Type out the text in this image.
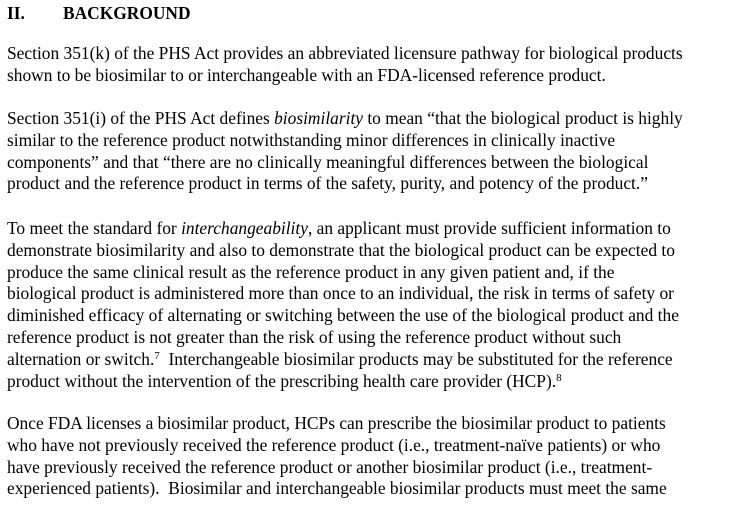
II. BACKGROUND
Section 351(k) of the PHS Act provides an abbreviated licensure pathway for biological products
shown to be biosimilar to or interchangeable with an FDA-licensed reference product.
Section 351(i) of the PHS Act defines biosimilarity to mean “that the biological product is highly
similar to the reference product notwithstanding minor differences in clinically inactive
components” and that “there are no clinically meaningful differences between the biological
product and the reference product in terms of the safety, purity, and potency of the product.”
To meet the standard for interchangeability, an applicant must provide sufficient information to
demonstrate biosimilarity and also to demonstrate that the biological product can be expected to
produce the same clinical result as the reference product in any given patient and, if the
biological product is administered more than once to an individual, the risk in terms of safety or
diminished efficacy of alternating or switching between the use of the biological product and the
reference product is not greater than the risk of using the reference product without such
alternation or switch.$^7$  Interchangeable biosimilar products may be substituted for the reference
product without the intervention of the prescribing health care provider (HCP).$^8$
Once FDA licenses a biosimilar product, HCPs can prescribe the biosimilar product to patients
who have not previously received the reference product (i.e., treatment-naïve patients) or who
have previously received the reference product or another biosimilar product (i.e., treatment-
experienced patients).  Biosimilar and interchangeable biosimilar products must meet the same
